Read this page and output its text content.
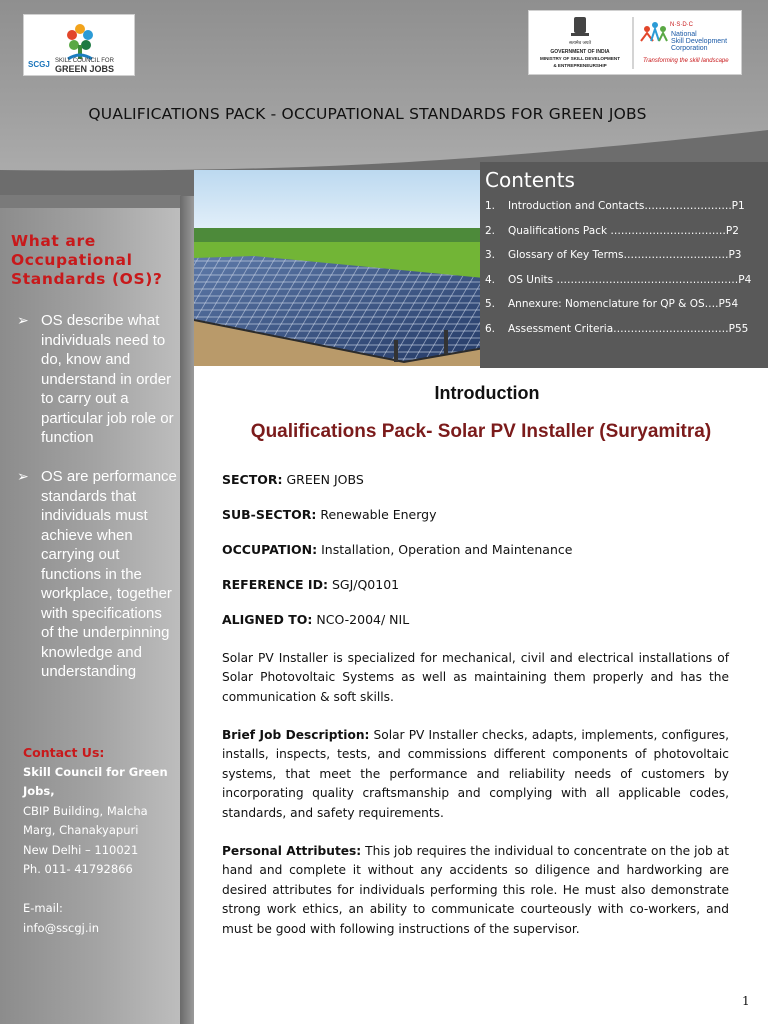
SCGJ SKILL COUNCIL FOR
GREEN JOBS
सत्यमेव जयते
GOVERNMENT OF INDIA
MINISTRY OF SKILL DEVELOPMENT
& ENTREPRENEURSHIP
N·S·D·C
National
Skill Development
Corporation
Transforming the skill landscape
QUALIFICATIONS PACK - OCCUPATIONAL STANDARDS FOR GREEN JOBS
What are Occupational Standards (OS)?
➢ OS describe what individuals need to do, know and understand in order to carry out a particular job role or function
➢ OS are performance standards that individuals must achieve when carrying out functions in the workplace, together with specifications of the underpinning knowledge and understanding
Contact Us:
Skill Council for Green Jobs,
CBIP Building, Malcha Marg, Chanakyapuri
New Delhi – 110021
Ph. 011- 41792866
E-mail:
info@sscgj.in
Contents
1.	Introduction and Contacts…………………….P1
2.	Qualifications Pack ……………………………P2
3.	Glossary of Key Terms…………………………P3
4.	OS Units …………………….………………………P4
5.	Annexure: Nomenclature for QP & OS….P54
6.	Assessment Criteria……………………………P55
Introduction
Qualifications Pack- Solar PV Installer (Suryamitra)
SECTOR: GREEN JOBS
SUB-SECTOR: Renewable Energy
OCCUPATION: Installation, Operation and Maintenance
REFERENCE ID: SGJ/Q0101
ALIGNED TO: NCO-2004/ NIL
Solar PV Installer is specialized for mechanical, civil and electrical installations of Solar Photovoltaic Systems as well as maintaining them properly and has the communication & soft skills.
Brief Job Description: Solar PV Installer checks, adapts, implements, configures, installs, inspects, tests, and commissions different components of photovoltaic systems, that meet the performance and reliability needs of customers by incorporating quality craftsmanship and complying with all applicable codes, standards, and safety requirements.
Personal Attributes: This job requires the individual to concentrate on the job at hand and complete it without any accidents so diligence and hardworking are desired attributes for individuals performing this role. He must also demonstrate strong work ethics, an ability to communicate courteously with co-workers, and must be good with following instructions of the supervisor.
1
